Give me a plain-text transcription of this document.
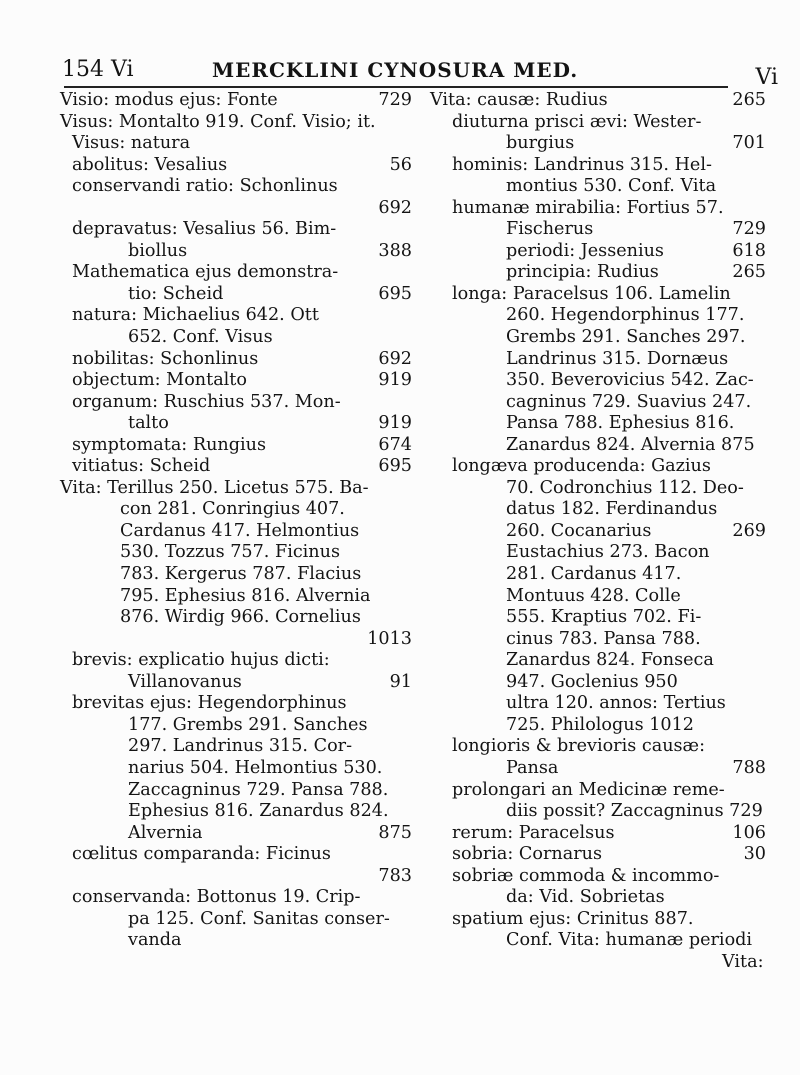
154 Vi	MERCKLINI CYNOSURA MED.	Vi
Visio: modus ejus: Fonte	729
Visus: Montalto 919. Conf. Visio; it.
Visus: natura
abolitus: Vesalius	56
conservandi ratio: Schonlinus
692
depravatus: Vesalius 56. Bim-
biollus	388
Mathematica ejus demonstra-
tio: Scheid	695
natura: Michaelius 642. Ott
652. Conf. Visus
nobilitas: Schonlinus	692
objectum: Montalto	919
organum: Ruschius 537. Mon-
talto	919
symptomata: Rungius	674
vitiatus: Scheid	695
Vita: Terillus 250. Licetus 575. Ba-
con 281. Conringius 407.
Cardanus 417. Helmontius
530. Tozzus 757. Ficinus
783. Kergerus 787. Flacius
795. Ephesius 816. Alvernia
876. Wirdig 966. Cornelius
1013
brevis: explicatio hujus dicti:
Villanovanus	91
brevitas ejus: Hegendorphinus
177. Grembs 291. Sanches
297. Landrinus 315. Cor-
narius 504. Helmontius 530.
Zaccagninus 729. Pansa 788.
Ephesius 816. Zanardus 824.
Alvernia	875
cœlitus comparanda: Ficinus
783
conservanda: Bottonus 19. Crip-
pa 125. Conf. Sanitas conser-
vanda
Vita: causæ: Rudius	265
diuturna prisci ævi: Wester-
burgius	701
hominis: Landrinus 315. Hel-
montius 530. Conf. Vita
humanæ mirabilia: Fortius 57.
Fischerus	729
periodi: Jessenius	618
principia: Rudius	265
longa: Paracelsus 106. Lamelin
260. Hegendorphinus 177.
Grembs 291. Sanches 297.
Landrinus 315. Dornæus
350. Beverovicius 542. Zac-
cagninus 729. Suavius 247.
Pansa 788. Ephesius 816.
Zanardus 824. Alvernia 875
longæva producenda: Gazius
70. Codronchius 112. Deo-
datus 182. Ferdinandus
260. Cocanarius	269
Eustachius 273. Bacon
281. Cardanus 417.
Montuus 428. Colle
555. Kraptius 702. Fi-
cinus 783. Pansa 788.
Zanardus 824. Fonseca
947. Goclenius 950
ultra 120. annos: Tertius
725. Philologus 1012
longioris & brevioris causæ:
Pansa	788
prolongari an Medicinæ reme-
diis possit? Zaccagninus 729
rerum: Paracelsus	106
sobria: Cornarus	30
sobriæ commoda & incommo-
da: Vid. Sobrietas
spatium ejus: Crinitus 887.
Conf. Vita: humanæ periodi
Vita:
